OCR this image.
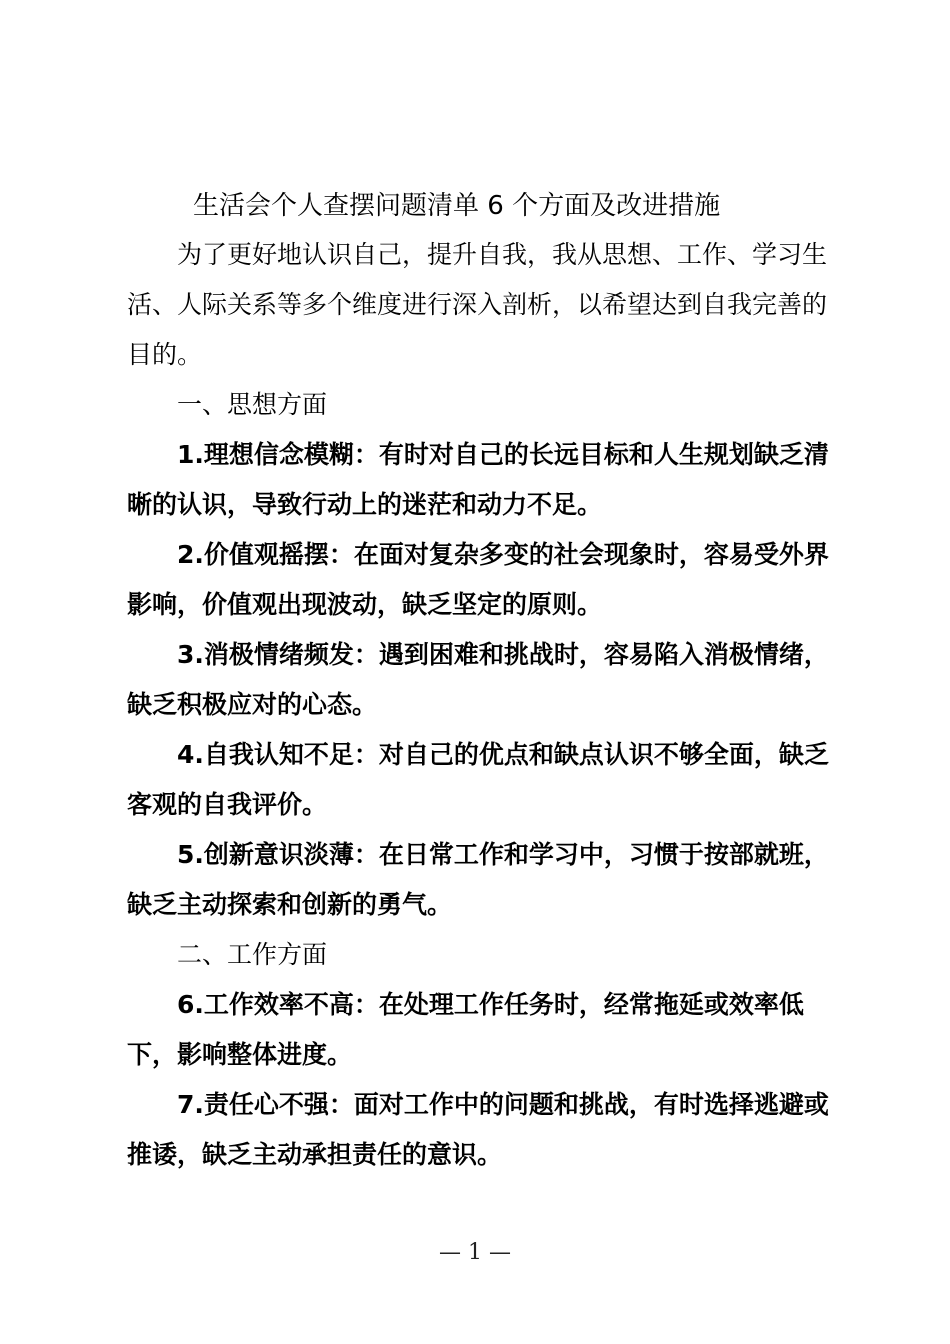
生活会个人查摆问题清单 6 个方面及改进措施

为了更好地认识自己，提升自我，我从思想、工作、学习生活、人际关系等多个维度进行深入剖析，以希望达到自我完善的目的。

一、思想方面

1.理想信念模糊：有时对自己的长远目标和人生规划缺乏清晰的认识，导致行动上的迷茫和动力不足。

2.价值观摇摆：在面对复杂多变的社会现象时，容易受外界影响，价值观出现波动，缺乏坚定的原则。

3.消极情绪频发：遇到困难和挑战时，容易陷入消极情绪，缺乏积极应对的心态。

4.自我认知不足：对自己的优点和缺点认识不够全面，缺乏客观的自我评价。

5.创新意识淡薄：在日常工作和学习中，习惯于按部就班，缺乏主动探索和创新的勇气。

二、工作方面

6.工作效率不高：在处理工作任务时，经常拖延或效率低下，影响整体进度。

7.责任心不强：面对工作中的问题和挑战，有时选择逃避或推诿，缺乏主动承担责任的意识。

— 1 —
